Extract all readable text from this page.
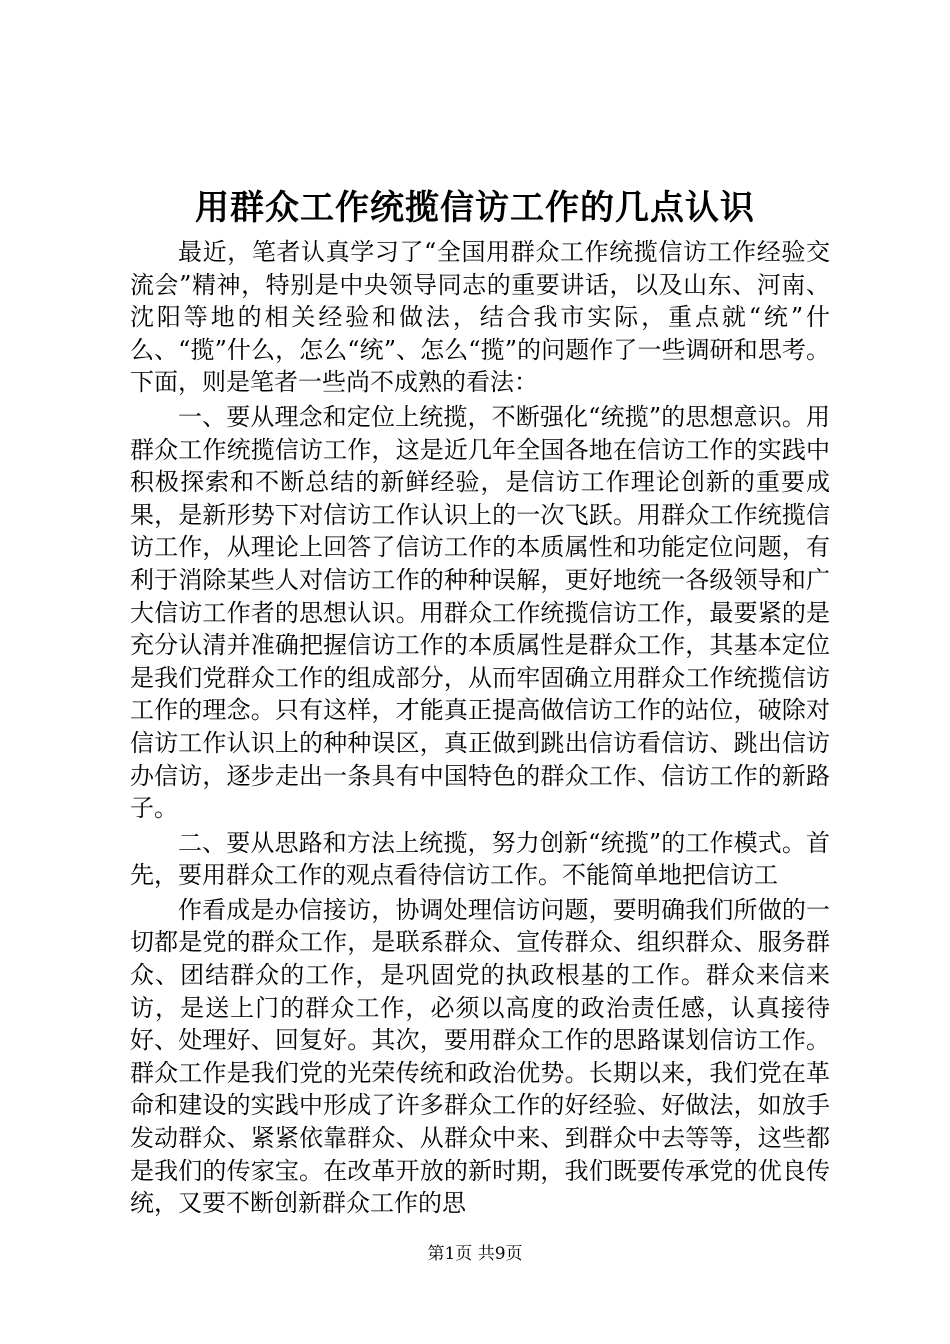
用群众工作统揽信访工作的几点认识

最近，笔者认真学习了“全国用群众工作统揽信访工作经验交流会”精神，特别是中央领导同志的重要讲话，以及山东、河南、沈阳等地的相关经验和做法，结合我市实际，重点就“统”什么、“揽”什么，怎么“统”、怎么“揽”的问题作了一些调研和思考。下面，则是笔者一些尚不成熟的看法：

一、要从理念和定位上统揽，不断强化“统揽”的思想意识。用群众工作统揽信访工作，这是近几年全国各地在信访工作的实践中积极探索和不断总结的新鲜经验，是信访工作理论创新的重要成果，是新形势下对信访工作认识上的一次飞跃。用群众工作统揽信访工作，从理论上回答了信访工作的本质属性和功能定位问题，有利于消除某些人对信访工作的种种误解，更好地统一各级领导和广大信访工作者的思想认识。用群众工作统揽信访工作，最要紧的是充分认清并准确把握信访工作的本质属性是群众工作，其基本定位是我们党群众工作的组成部分，从而牢固确立用群众工作统揽信访工作的理念。只有这样，才能真正提高做信访工作的站位，破除对信访工作认识上的种种误区，真正做到跳出信访看信访、跳出信访办信访，逐步走出一条具有中国特色的群众工作、信访工作的新路子。

二、要从思路和方法上统揽，努力创新“统揽”的工作模式。首先，要用群众工作的观点看待信访工作。不能简单地把信访工

作看成是办信接访，协调处理信访问题，要明确我们所做的一切都是党的群众工作，是联系群众、宣传群众、组织群众、服务群众、团结群众的工作，是巩固党的执政根基的工作。群众来信来访，是送上门的群众工作，必须以高度的政治责任感，认真接待好、处理好、回复好。其次，要用群众工作的思路谋划信访工作。群众工作是我们党的光荣传统和政治优势。长期以来，我们党在革命和建设的实践中形成了许多群众工作的好经验、好做法，如放手发动群众、紧紧依靠群众、从群众中来、到群众中去等等，这些都是我们的传家宝。在改革开放的新时期，我们既要传承党的优良传统，又要不断创新群众工作的思

第1页 共9页
